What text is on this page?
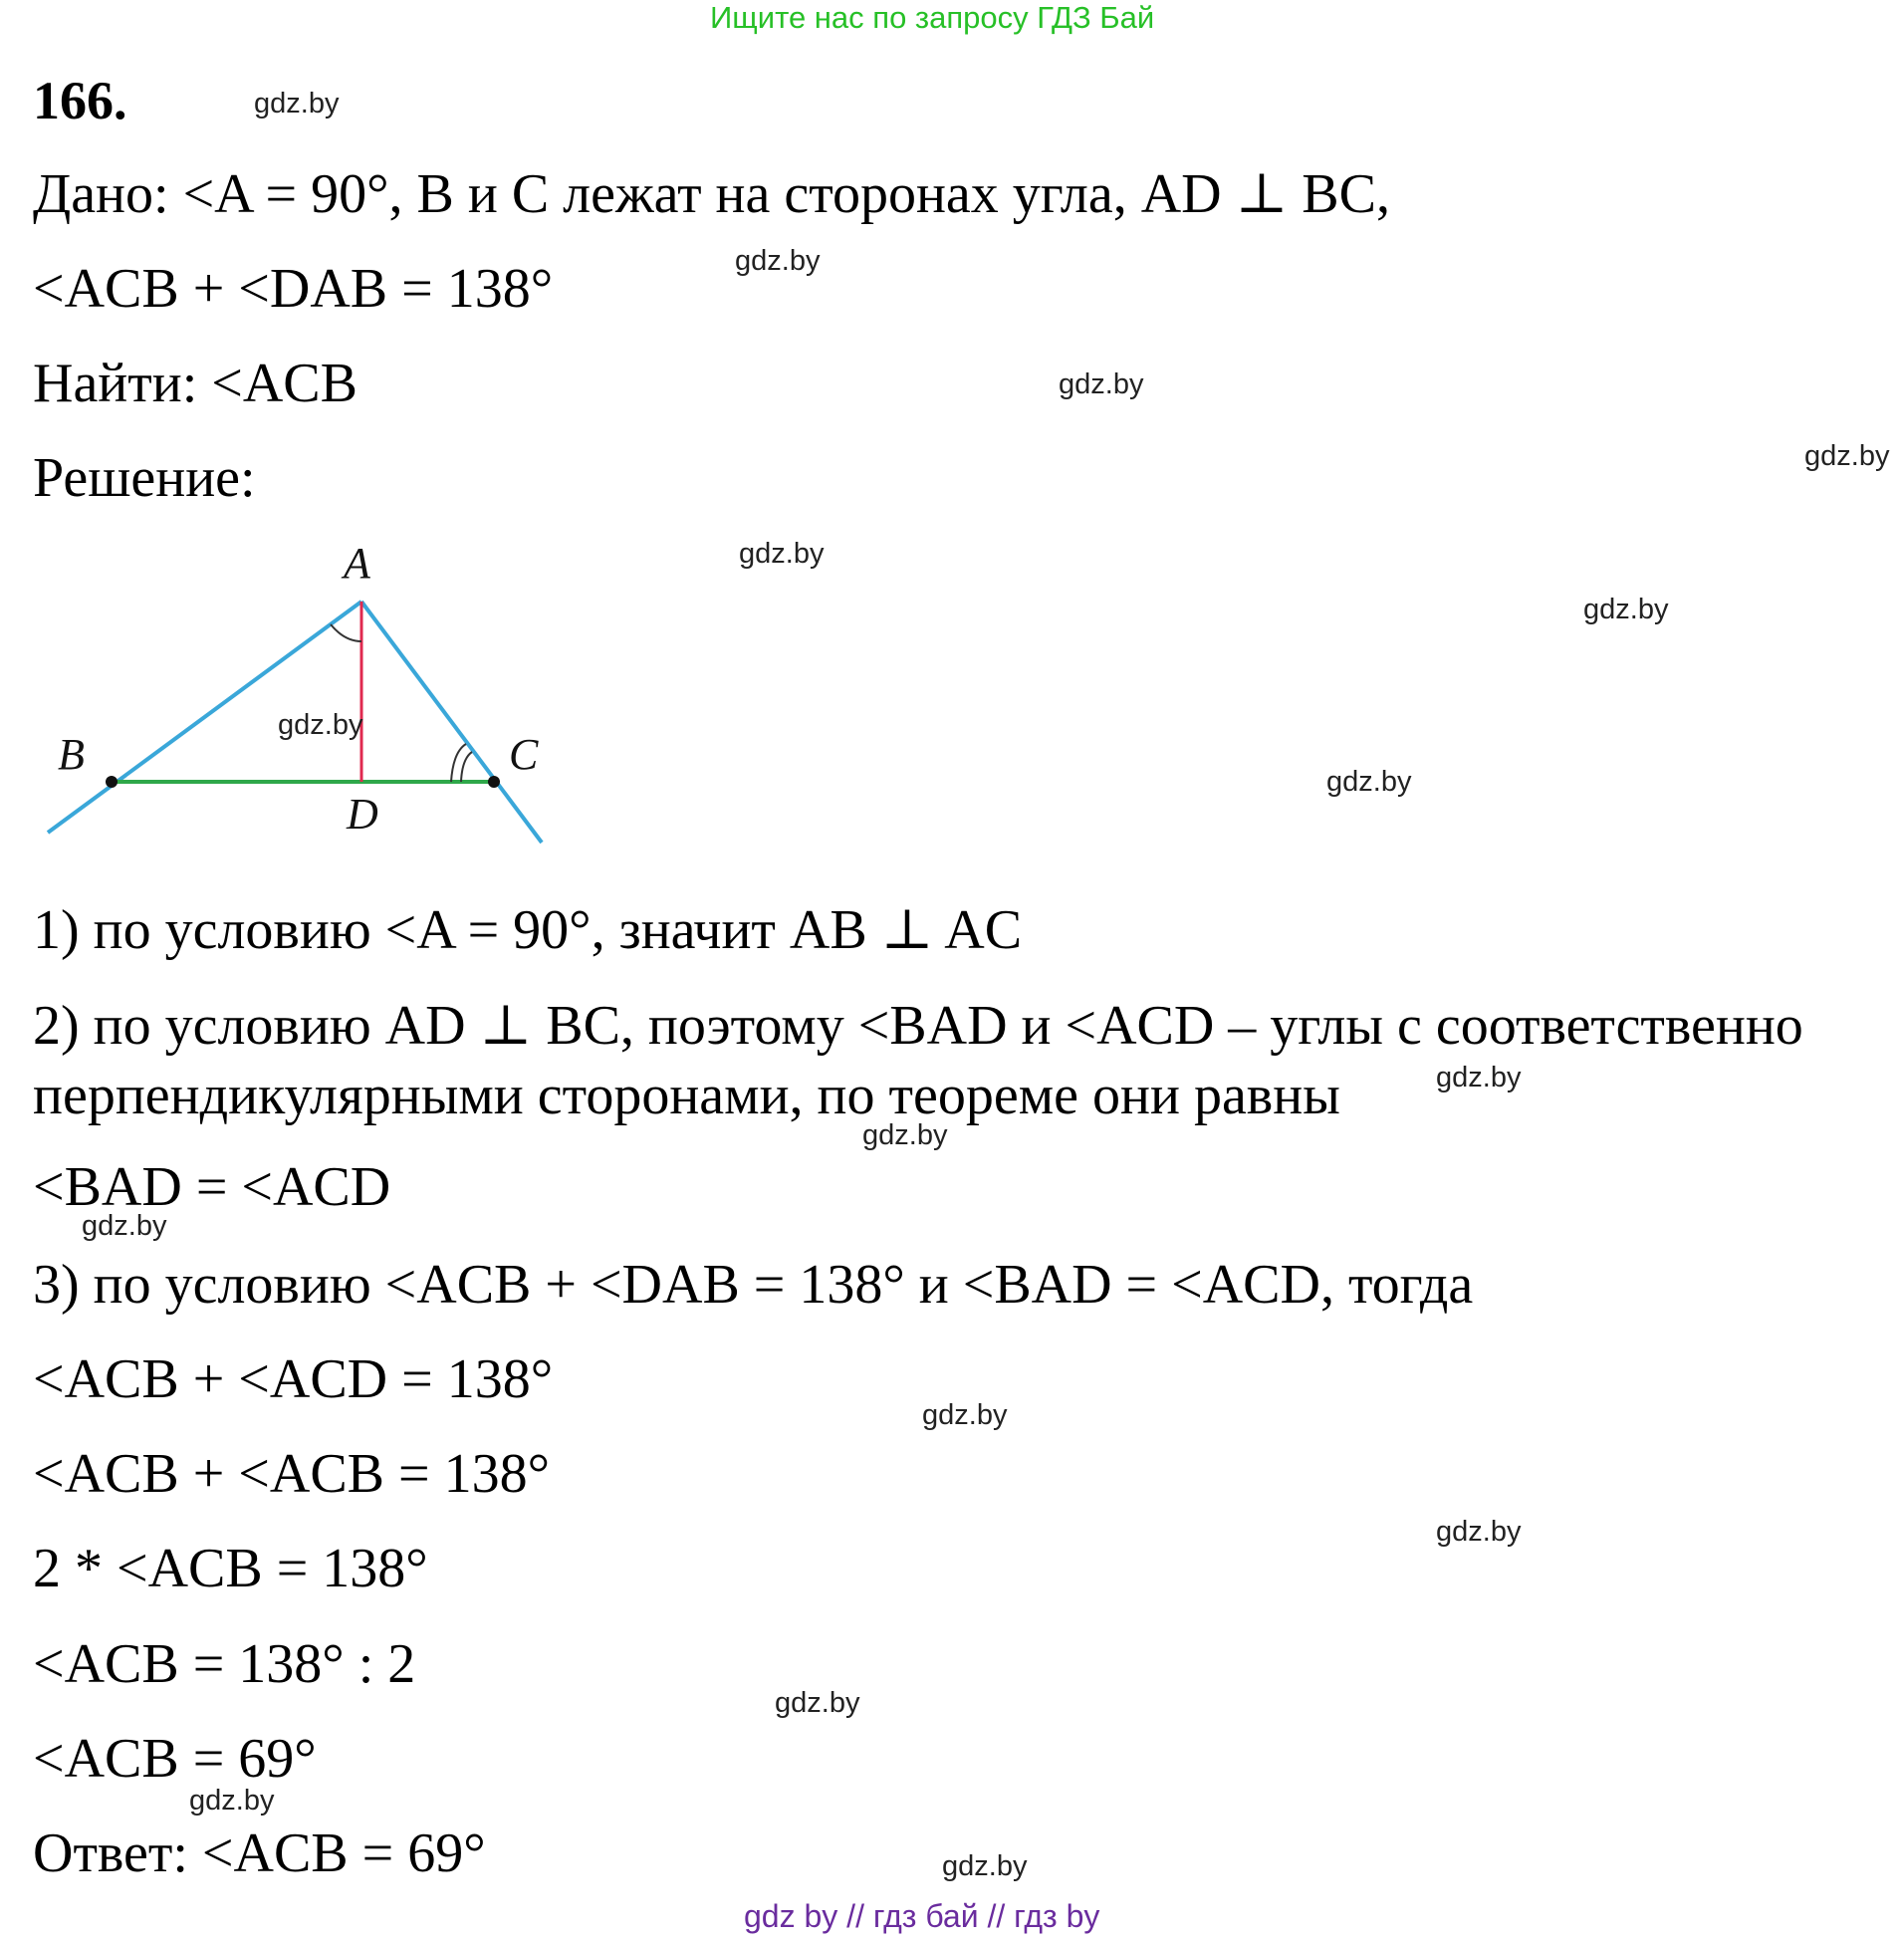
Ищите нас по запросу ГДЗ Бай
166.
Дано: <A = 90°, B и C лежат на сторонах угла, AD ⊥ BC,
<ACB + <DAB = 138°
Найти: <ACB
Решение:
A
B	C
D
1) по условию <A = 90°, значит AB ⊥ AC
2) по условию AD ⊥ BC, поэтому <BAD и <ACD – углы с соответственно
перпендикулярными сторонами, по теореме они равны
<BAD = <ACD
3) по условию <ACB + <DAB = 138° и <BAD = <ACD, тогда
<ACB + <ACD = 138°
<ACB + <ACB = 138°
2 * <ACB = 138°
<ACB = 138° : 2
<ACB = 69°
Ответ: <ACB = 69°
gdz.by
gdz.by
gdz.by
gdz.by
gdz.by
gdz.by
gdz.by
gdz.by
gdz.by
gdz.by
gdz.by
gdz.by
gdz.by
gdz.by
gdz.by
gdz.by
gdz by // гдз бай // гдз by
